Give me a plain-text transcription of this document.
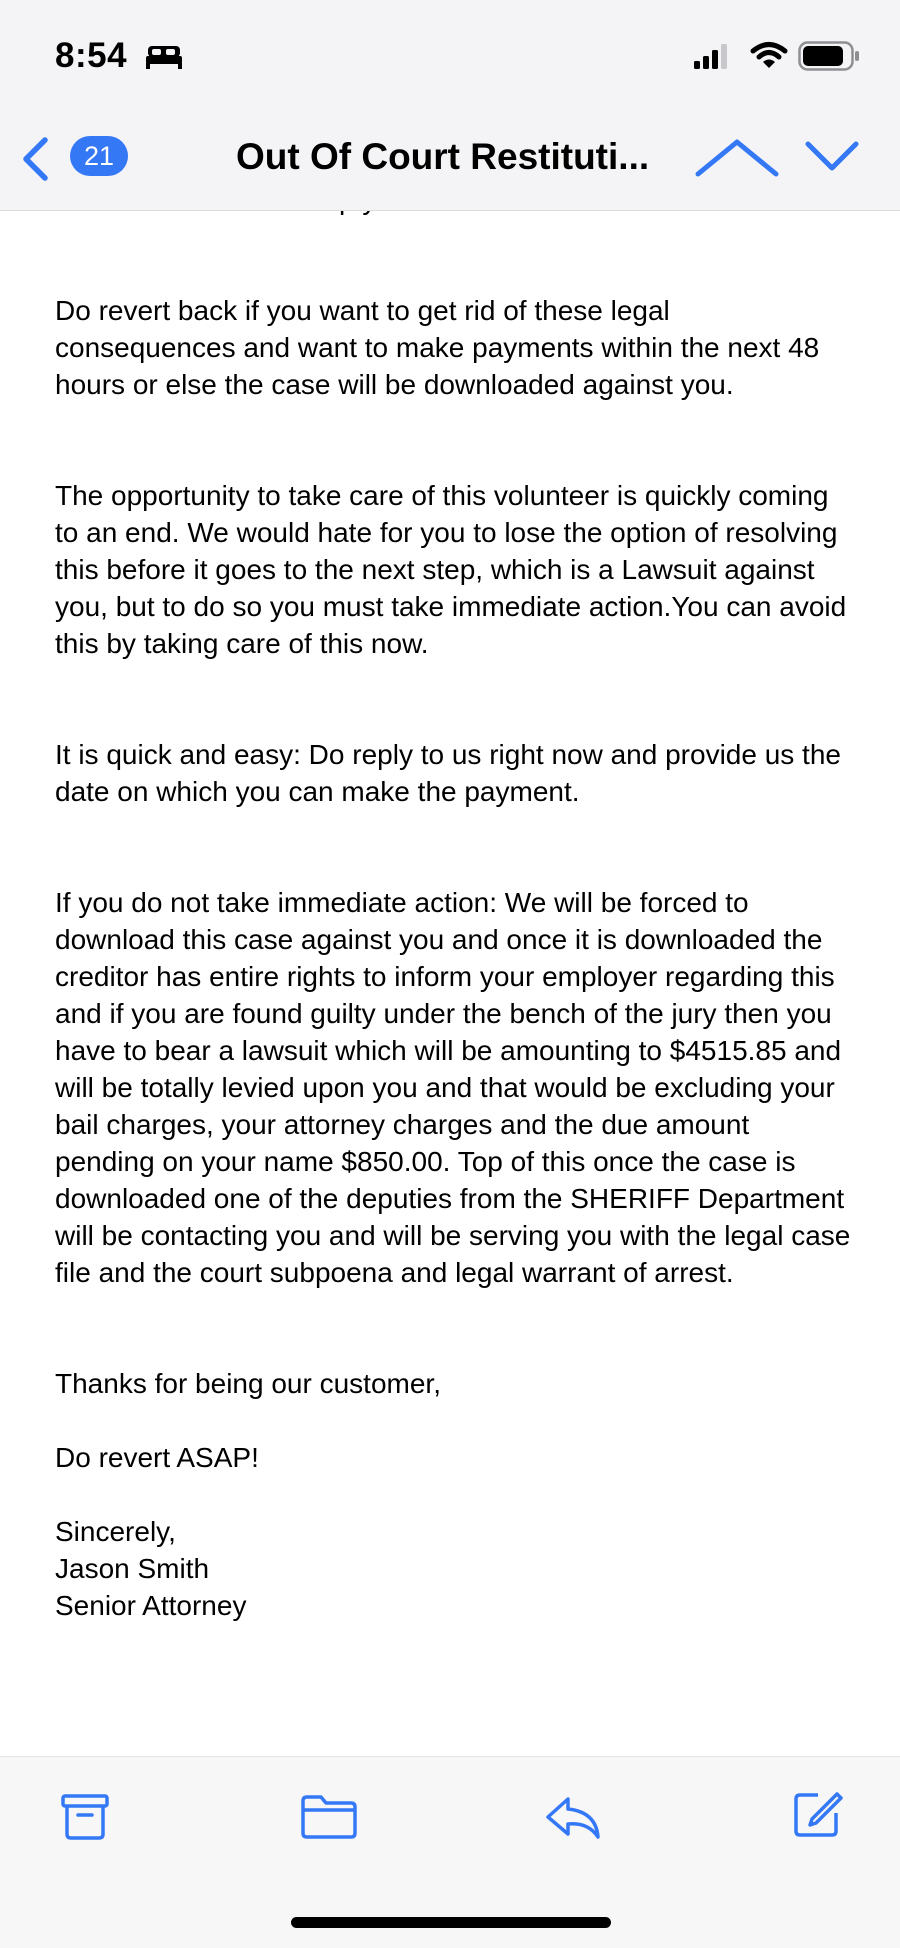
8:54
21	Out Of Court Restituti...

Do revert back if you want to get rid of these legal consequences and want to make payments within the next 48 hours or else the case will be downloaded against you.

The opportunity to take care of this volunteer is quickly coming to an end. We would hate for you to lose the option of resolving this before it goes to the next step, which is a Lawsuit against you, but to do so you must take immediate action.You can avoid this by taking care of this now.

It is quick and easy: Do reply to us right now and provide us the date on which you can make the payment.

If you do not take immediate action: We will be forced to download this case against you and once it is downloaded the creditor has entire rights to inform your employer regarding this and if you are found guilty under the bench of the jury then you have to bear a lawsuit which will be amounting to $4515.85 and will be totally levied upon you and that would be excluding your bail charges, your attorney charges and the due amount pending on your name $850.00. Top of this once the case is downloaded one of the deputies from the SHERIFF Department will be contacting you and will be serving you with the legal case file and the court subpoena and legal warrant of arrest.

Thanks for being our customer,

Do revert ASAP!

Sincerely,

Jason Smith

Senior Attorney
